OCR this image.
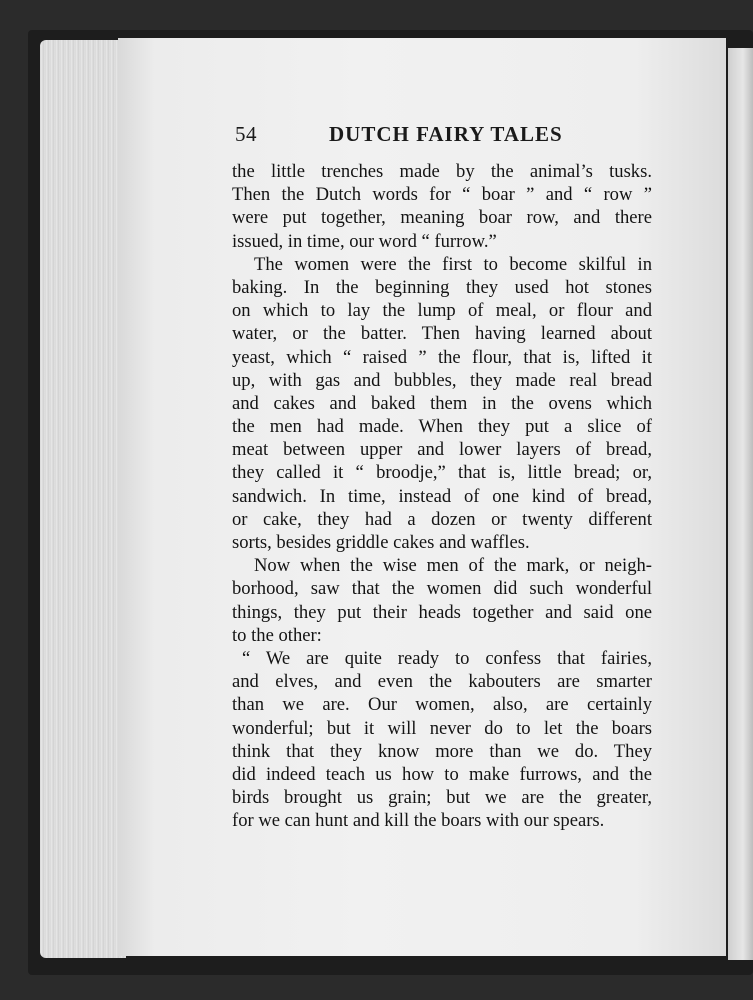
54	DUTCH FAIRY TALES
the little trenches made by the animal’s tusks.
Then the Dutch words for “ boar ” and “ row ”
were put together, meaning boar row, and there
issued, in time, our word “ furrow.”
The women were the first to become skilful in
baking. In the beginning they used hot stones
on which to lay the lump of meal, or flour and
water, or the batter. Then having learned about
yeast, which “ raised ” the flour, that is, lifted it
up, with gas and bubbles, they made real bread
and cakes and baked them in the ovens which
the men had made. When they put a slice of
meat between upper and lower layers of bread,
they called it “ broodje,” that is, little bread; or,
sandwich. In time, instead of one kind of bread,
or cake, they had a dozen or twenty different
sorts, besides griddle cakes and waffles.
Now when the wise men of the mark, or neigh-
borhood, saw that the women did such wonderful
things, they put their heads together and said one
to the other:
“ We are quite ready to confess that fairies,
and elves, and even the kabouters are smarter
than we are. Our women, also, are certainly
wonderful; but it will never do to let the boars
think that they know more than we do. They
did indeed teach us how to make furrows, and the
birds brought us grain; but we are the greater,
for we can hunt and kill the boars with our spears.
